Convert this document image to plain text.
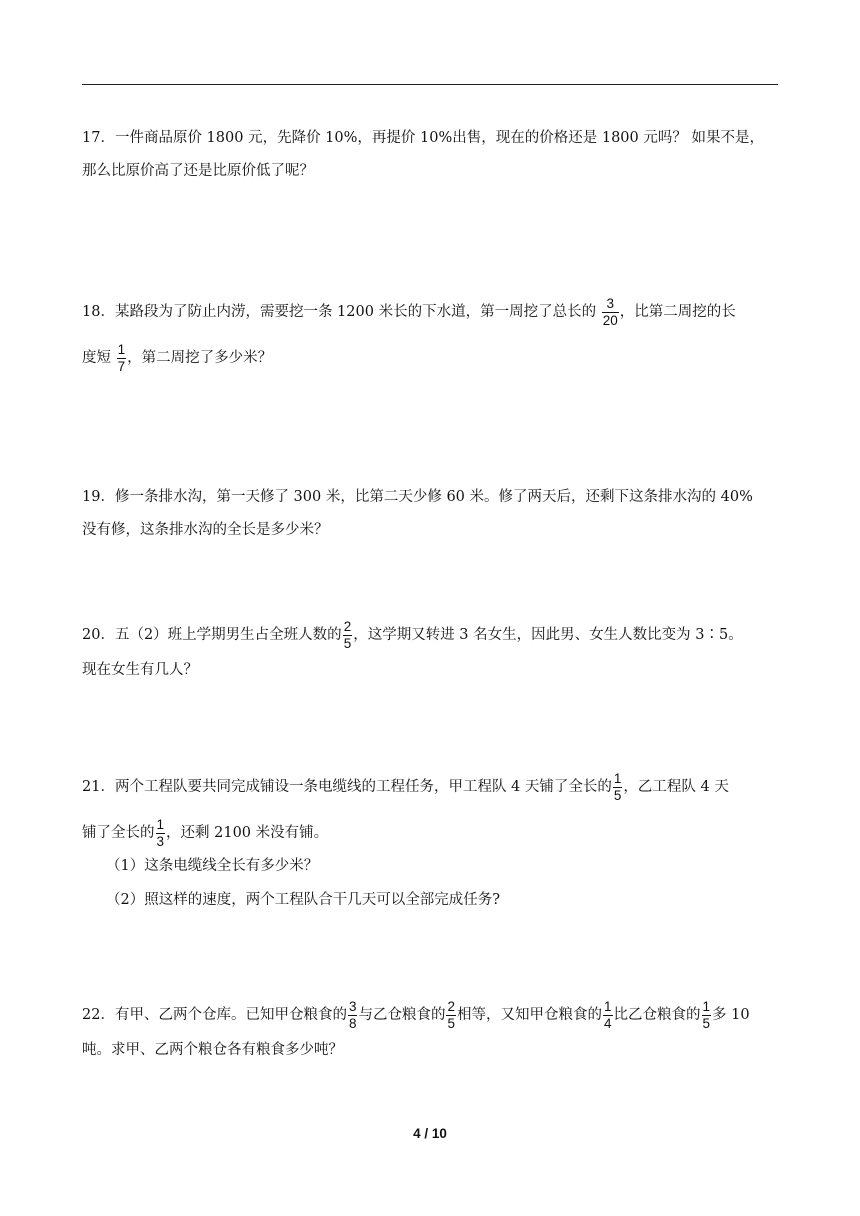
17．一件商品原价 1800 元，先降价 10%，再提价 10%出售，现在的价格还是 1800 元吗？ 如果不是，
那么比原价高了还是比原价低了呢？
18．某路段为了防止内涝，需要挖一条 1200 米长的下水道，第一周挖了总长的 $\frac{3}{20}$ ，比第二周挖的长
度短 $\frac{1}{7}$ ，第二周挖了多少米？
19．修一条排水沟，第一天修了 300 米，比第二天少修 60 米。修了两天后，还剩下这条排水沟的 40%
没有修，这条排水沟的全长是多少米？
20．五（2）班上学期男生占全班人数的 $\frac{2}{5}$ ，这学期又转进 3 名女生，因此男、女生人数比变为 3∶5。
现在女生有几人？
21．两个工程队要共同完成铺设一条电缆线的工程任务，甲工程队 4 天铺了全长的 $\frac{1}{5}$ ，乙工程队 4 天
铺了全长的 $\frac{1}{3}$ ，还剩 2100 米没有铺。
（1）这条电缆线全长有多少米？
（2）照这样的速度，两个工程队合干几天可以全部完成任务?
22．有甲、乙两个仓库。已知甲仓粮食的 $\frac{3}{8}$ 与乙仓粮食的 $\frac{2}{5}$ 相等，又知甲仓粮食的 $\frac{1}{4}$ 比乙仓粮食的 $\frac{1}{5}$ 多 10
吨。求甲、乙两个粮仓各有粮食多少吨？
4 / 10
